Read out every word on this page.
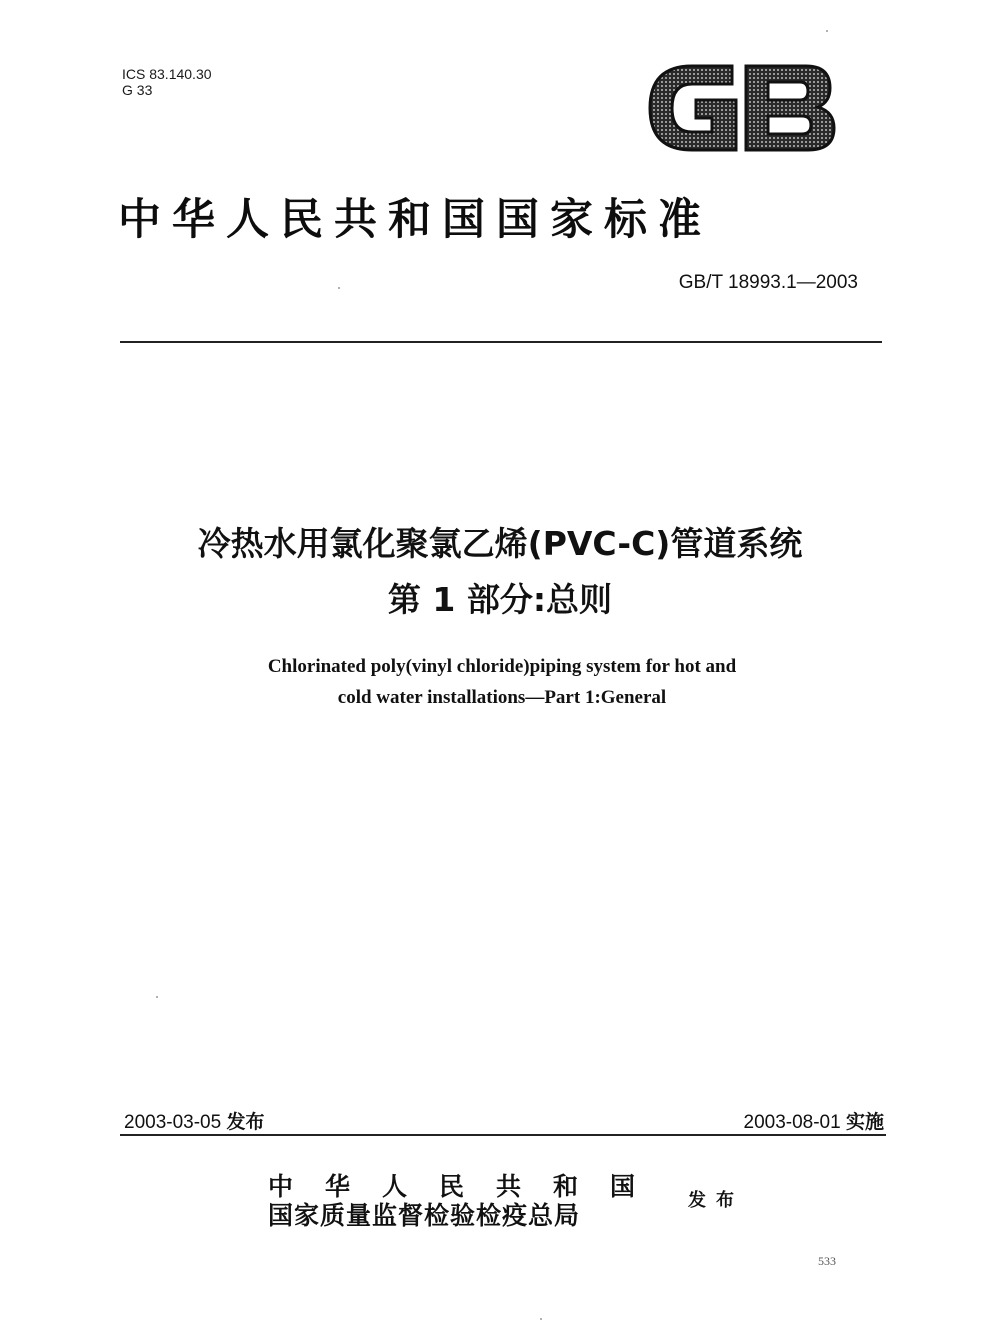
ICS 83.140.30
G 33
GB
中华人民共和国国家标准
GB/T 18993.1—2003
冷热水用氯化聚氯乙烯(PVC-C)管道系统
第 1 部分:总则
Chlorinated poly(vinyl chloride)piping system for hot and
cold water installations—Part 1:General
2003-03-05 发布	2003-08-01 实施
中华人民共和国
国家质量监督检验检疫总局
发布
533
